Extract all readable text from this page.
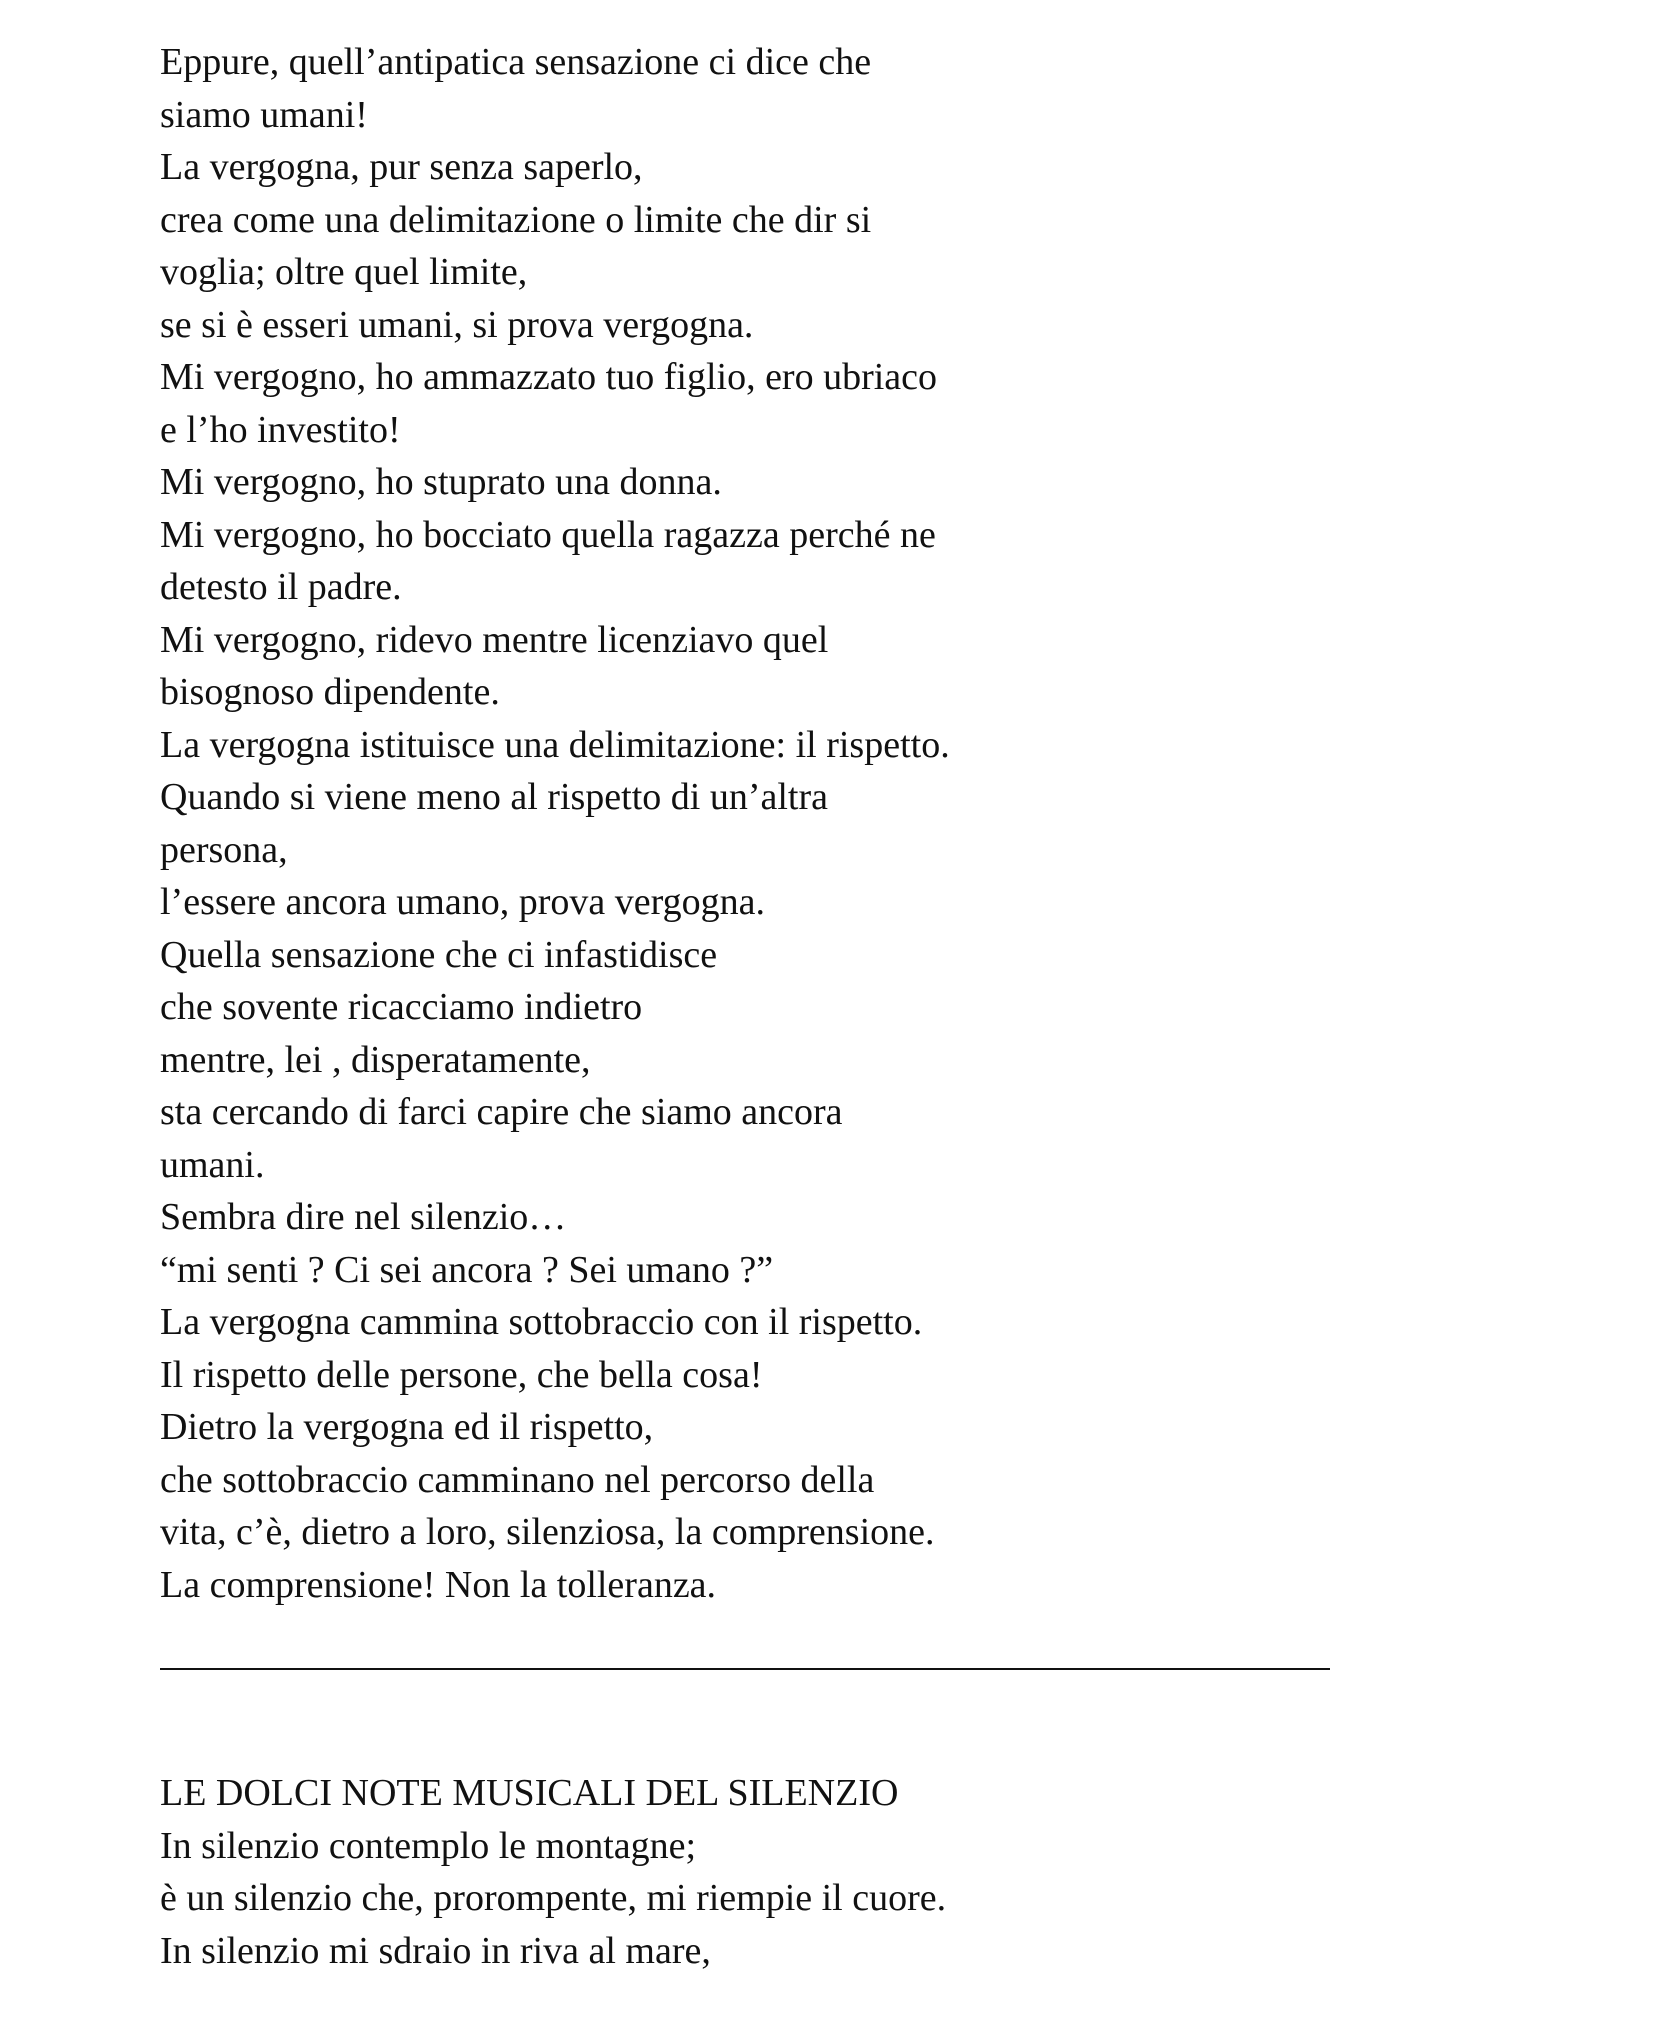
Eppure, quell’antipatica sensazione ci dice che
siamo umani!
La vergogna, pur senza saperlo,
crea come una delimitazione o limite che dir si
voglia; oltre quel limite,
se si è esseri umani, si prova vergogna.
Mi vergogno, ho ammazzato tuo figlio, ero ubriaco
e l’ho investito!
Mi vergogno, ho stuprato una donna.
Mi vergogno, ho bocciato quella ragazza perché ne
detesto il padre.
Mi vergogno, ridevo mentre licenziavo quel
bisognoso dipendente.
La vergogna istituisce una delimitazione: il rispetto.
Quando si viene meno al rispetto di un’altra
persona,
l’essere ancora umano, prova vergogna.
Quella sensazione che ci infastidisce
che sovente ricacciamo indietro
mentre, lei , disperatamente,
sta cercando di farci capire che siamo ancora
umani.
Sembra dire nel silenzio…
“mi senti ? Ci sei ancora ? Sei umano ?”
La vergogna cammina sottobraccio con il rispetto.
Il rispetto delle persone, che bella cosa!
Dietro la vergogna ed il rispetto,
che sottobraccio camminano nel percorso della
vita, c’è, dietro a loro, silenziosa, la comprensione.
La comprensione! Non la tolleranza.
LE DOLCI NOTE MUSICALI DEL SILENZIO
In silenzio contemplo le montagne;
è un silenzio che, prorompente, mi riempie il cuore.
In silenzio mi sdraio in riva al mare,
